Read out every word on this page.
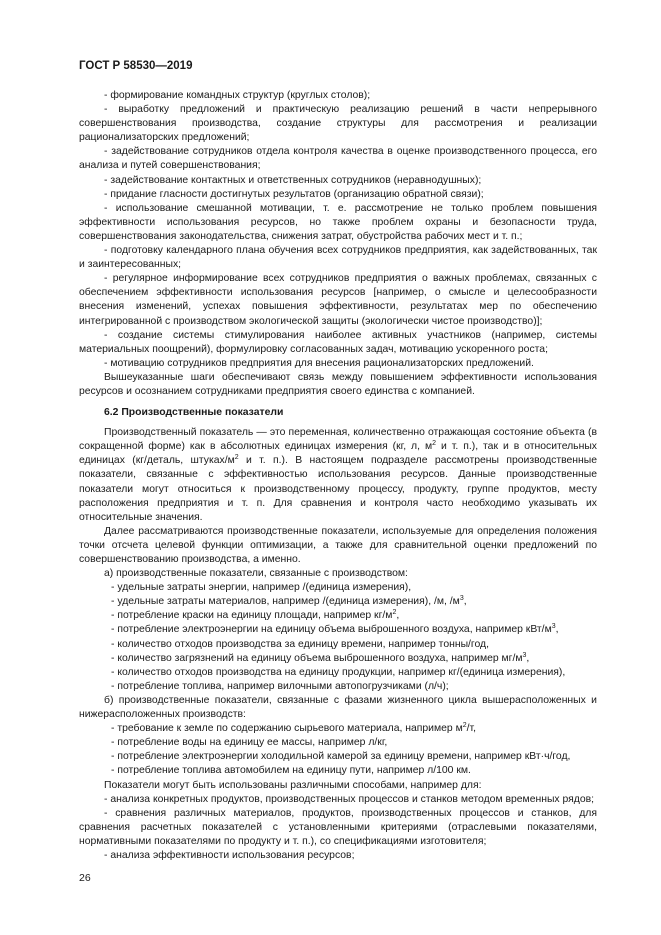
ГОСТ Р 58530—2019

- формирование командных структур (круглых столов);

- выработку предложений и практическую реализацию решений в части непрерывного совершенствования производства, создание структуры для рассмотрения и реализации рационализаторских предложений;

- задействование сотрудников отдела контроля качества в оценке производственного процесса, его анализа и путей совершенствования;

- задействование контактных и ответственных сотрудников (неравнодушных);

- придание гласности достигнутых результатов (организацию обратной связи);

- использование смешанной мотивации, т. е. рассмотрение не только проблем повышения эффективности использования ресурсов, но также проблем охраны и безопасности труда, совершенствования законодательства, снижения затрат, обустройства рабочих мест и т. п.;

- подготовку календарного плана обучения всех сотрудников предприятия, как задействованных, так и заинтересованных;

- регулярное информирование всех сотрудников предприятия о важных проблемах, связанных с обеспечением эффективности использования ресурсов [например, о смысле и целесообразности внесения изменений, успехах повышения эффективности, результатах мер по обеспечению интегрированной с производством экологической защиты (экологически чистое производство)];

- создание системы стимулирования наиболее активных участников (например, системы материальных поощрений), формулировку согласованных задач, мотивацию ускоренного роста;

- мотивацию сотрудников предприятия для внесения рационализаторских предложений.

Вышеуказанные шаги обеспечивают связь между повышением эффективности использования ресурсов и осознанием сотрудниками предприятия своего единства с компанией.

6.2 Производственные показатели

Производственный показатель — это переменная, количественно отражающая состояние объекта (в сокращенной форме) как в абсолютных единицах измерения (кг, л, $м^2$ и т. п.), так и в относительных единицах (кг/деталь, штуках/$м^2$ и т. п.). В настоящем подразделе рассмотрены производственные показатели, связанные с эффективностью использования ресурсов. Данные производственные показатели могут относиться к производственному процессу, продукту, группе продуктов, месту расположения предприятия и т. п. Для сравнения и контроля часто необходимо указывать их относительные значения.

Далее рассматриваются производственные показатели, используемые для определения положения точки отсчета целевой функции оптимизации, а также для сравнительной оценки предложений по совершенствованию производства, а именно.

а) производственные показатели, связанные с производством:

- удельные затраты энергии, например /(единица измерения),

- удельные затраты материалов, например /(единица измерения), /м, $/м^3$,

- потребление краски на единицу площади, например $кг/м^2$,

- потребление электроэнергии на единицу объема выброшенного воздуха, например кВт/$м^3$,

- количество отходов производства за единицу времени, например тонны/год,

- количество загрязнений на единицу объема выброшенного воздуха, например $мг/м^3$,

- количество отходов производства на единицу продукции, например кг/(единица измерения),

- потребление топлива, например вилочными автопогрузчиками (л/ч);

б) производственные показатели, связанные с фазами жизненного цикла вышерасположенных и нижерасположенных производств:

- требование к земле по содержанию сырьевого материала, например $м^2/т$,

- потребление воды на единицу ее массы, например л/кг,

- потребление электроэнергии холодильной камерой за единицу времени, например кВт·ч/год,

- потребление топлива автомобилем на единицу пути, например л/100 км.

Показатели могут быть использованы различными способами, например для:

- анализа конкретных продуктов, производственных процессов и станков методом временных рядов;

- сравнения различных материалов, продуктов, производственных процессов и станков, для сравнения расчетных показателей с установленными критериями (отраслевыми показателями, нормативными показателями по продукту и т. п.), со спецификациями изготовителя;

- анализа эффективности использования ресурсов;

26
